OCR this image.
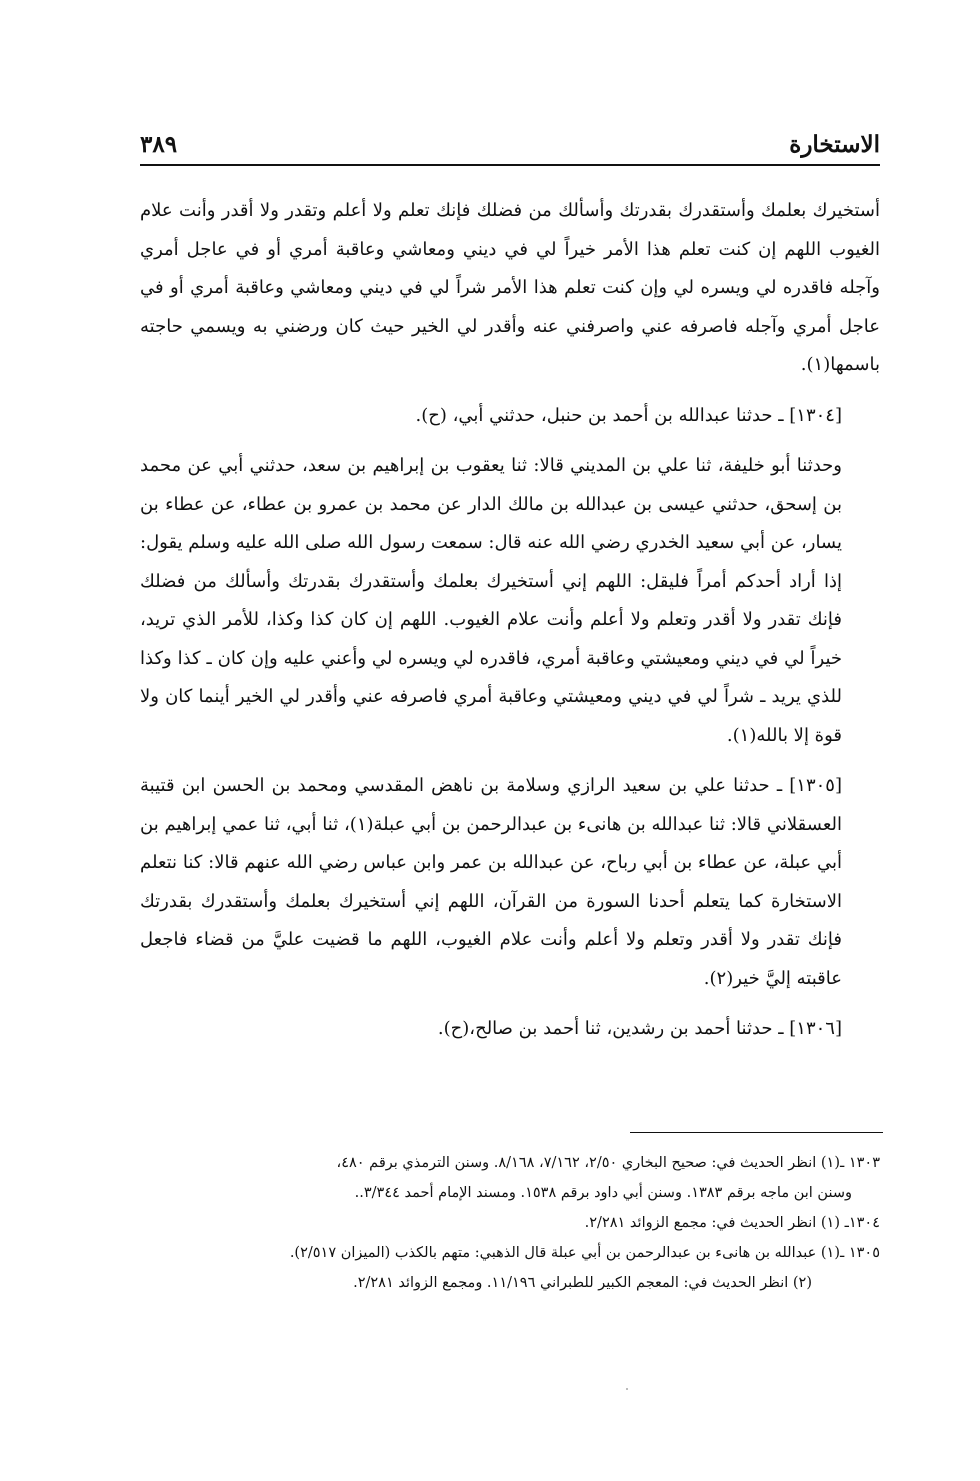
الاستخارة
٣٨٩

أستخيرك بعلمك وأستقدرك بقدرتك وأسألك من فضلك فإنك تعلم ولا أعلم وتقدر ولا أقدر وأنت علام الغيوب اللهم إن كنت تعلم هذا الأمر خيراً لي في ديني ومعاشي وعاقبة أمري أو في عاجل أمري وآجله فاقدره لي ويسره لي وإن كنت تعلم هذا الأمر شراً لي في ديني ومعاشي وعاقبة أمري أو في عاجل أمري وآجله فاصرفه عني واصرفني عنه وأقدر لي الخير حيث كان ورضني به ويسمي حاجته باسمها(١).

[١٣٠٤] ـ حدثنا عبدالله بن أحمد بن حنبل، حدثني أبي، (ح).

وحدثنا أبو خليفة، ثنا علي بن المديني قالا: ثنا يعقوب بن إبراهيم بن سعد، حدثني أبي عن محمد بن إسحق، حدثني عيسى بن عبدالله بن مالك الدار عن محمد بن عمرو بن عطاء، عن عطاء بن يسار، عن أبي سعيد الخدري رضي الله عنه قال: سمعت رسول الله صلى الله عليه وسلم يقول: إذا أراد أحدكم أمراً فليقل: اللهم إني أستخيرك بعلمك وأستقدرك بقدرتك وأسألك من فضلك فإنك تقدر ولا أقدر وتعلم ولا أعلم وأنت علام الغيوب. اللهم إن كان كذا وكذا، للأمر الذي تريد، خيراً لي في ديني ومعيشتي وعاقبة أمري، فاقدره لي ويسره لي وأعني عليه وإن كان ـ كذا وكذا للذي يريد ـ شراً لي في ديني ومعيشتي وعاقبة أمري فاصرفه عني وأقدر لي الخير أينما كان ولا قوة إلا بالله(١).

[١٣٠٥] ـ حدثنا علي بن سعيد الرازي وسلامة بن ناهض المقدسي ومحمد بن الحسن ابن قتيبة العسقلاني قالا: ثنا عبدالله بن هانىء بن عبدالرحمن بن أبي عبلة(١)، ثنا أبي، ثنا عمي إبراهيم بن أبي عبلة، عن عطاء بن أبي رباح، عن عبدالله بن عمر وابن عباس رضي الله عنهم قالا: كنا نتعلم الاستخارة كما يتعلم أحدنا السورة من القرآن، اللهم إني أستخيرك بعلمك وأستقدرك بقدرتك فإنك تقدر ولا أقدر وتعلم ولا أعلم وأنت علام الغيوب، اللهم ما قضيت عليَّ من قضاء فاجعل عاقبته إليَّ خير(٢).

[١٣٠٦] ـ حدثنا أحمد بن رشدين، ثنا أحمد بن صالح،(ح).

١٣٠٣ ـ(١) انظر الحديث في: صحيح البخاري ٢/٥٠، ٧/١٦٢، ٨/١٦٨. وسنن الترمذي برقم ٤٨٠،

وسنن ابن ماجه برقم ١٣٨٣. وسنن أبي داود برقم ١٥٣٨. ومسند الإمام أحمد ٣/٣٤٤..

١٣٠٤ـ (١) انظر الحديث في: مجمع الزوائد ٢/٢٨١.

١٣٠٥ ـ(١) عبدالله بن هانىء بن عبدالرحمن بن أبي عبلة قال الذهبي: متهم بالكذب (الميزان ٢/٥١٧).

(٢) انظر الحديث في: المعجم الكبير للطبراني ١١/١٩٦. ومجمع الزوائد ٢/٢٨١.
